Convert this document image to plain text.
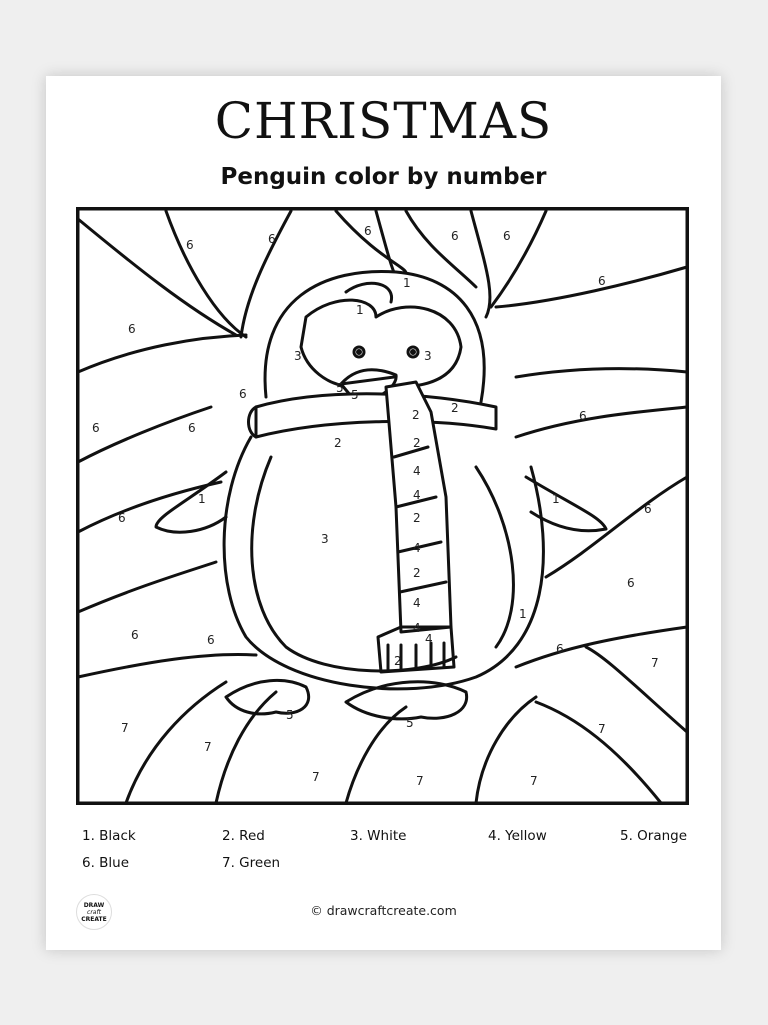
CHRISTMAS
Penguin color by number
6	6
6	6	6
1	6
1
6
3	3
5 5
6
2
2
6
6	6
2
6
1
2
4
1
6
4
3
2
6
4
2
6
4
1
6
4
6
7
4
2
5
5
7
7
7
7	7	7
1. Black	2. Red	3. White	4. Yellow	5. Orange
6. Blue	7. Green
DRAW
craft
CREATE
© drawcraftcreate.com
